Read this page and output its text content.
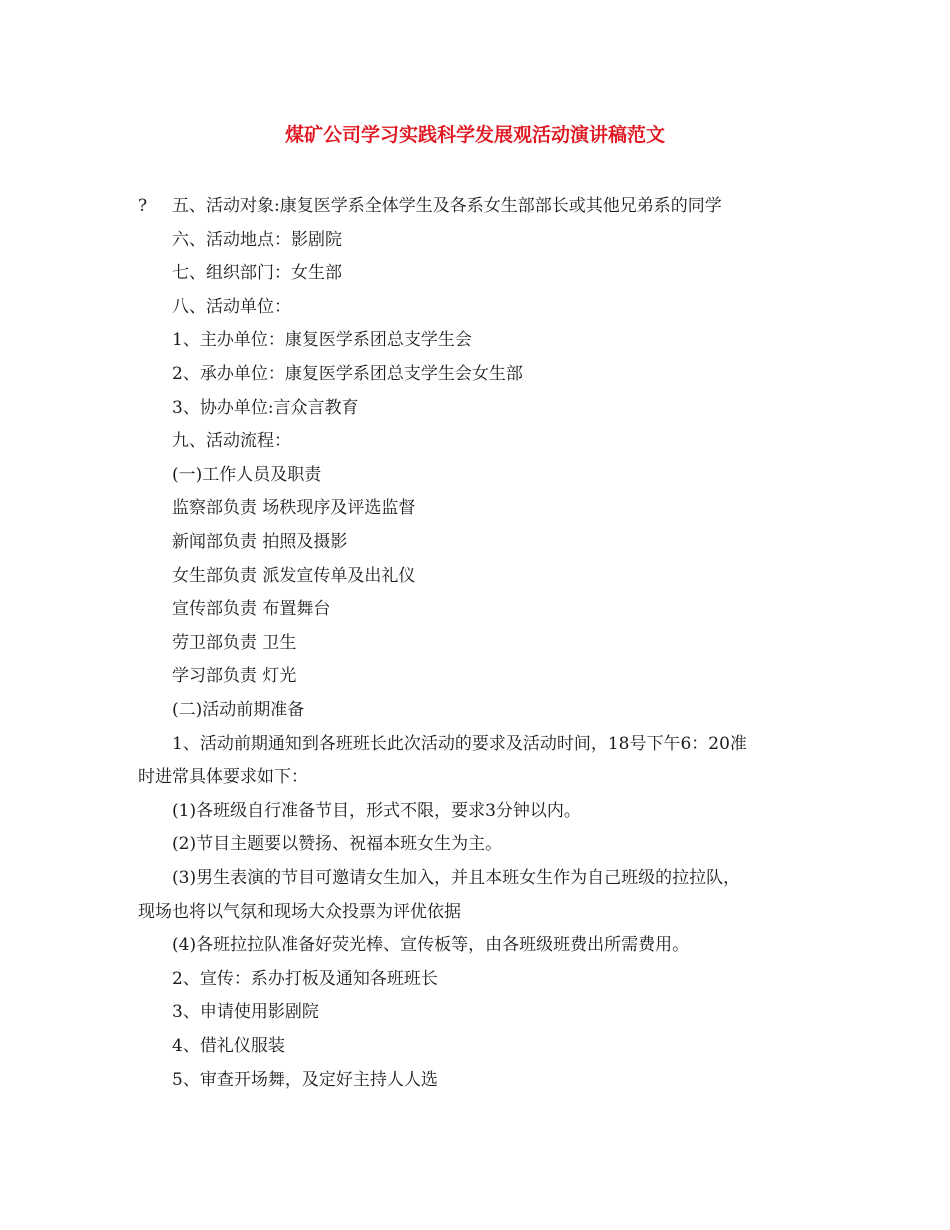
煤矿公司学习实践科学发展观活动演讲稿范文

? 五、活动对象:康复医学系全体学生及各系女生部部长或其他兄弟系的同学

六、活动地点：影剧院

七、组织部门：女生部

八、活动单位：

1、主办单位：康复医学系团总支学生会

2、承办单位：康复医学系团总支学生会女生部

3、协办单位:言众言教育

九、活动流程：

(一)工作人员及职责

监察部负责 场秩现序及评选监督

新闻部负责 拍照及摄影

女生部负责 派发宣传单及出礼仪

宣传部负责 布置舞台

劳卫部负责 卫生

学习部负责 灯光

(二)活动前期准备

1、活动前期通知到各班班长此次活动的要求及活动时间，18号下午6：20准

时进常具体要求如下：

(1)各班级自行准备节目，形式不限，要求3分钟以内。

(2)节目主题要以赞扬、祝福本班女生为主。

(3)男生表演的节目可邀请女生加入，并且本班女生作为自己班级的拉拉队，

现场也将以气氛和现场大众投票为评优依据

(4)各班拉拉队准备好荧光棒、宣传板等，由各班级班费出所需费用。

2、宣传：系办打板及通知各班班长

3、申请使用影剧院

4、借礼仪服装

5、审查开场舞，及定好主持人人选
